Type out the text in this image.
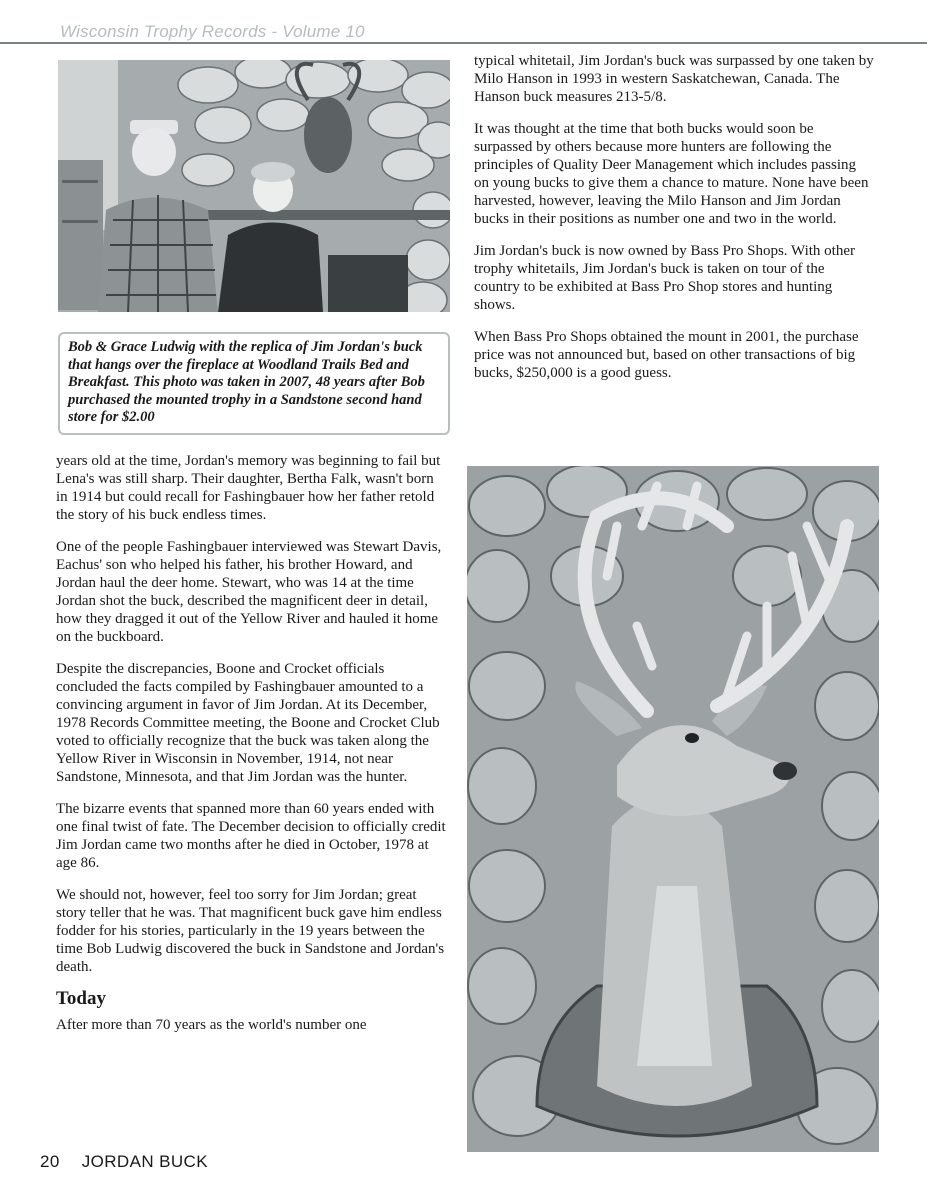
Wisconsin Trophy Records - Volume 10
Bob & Grace Ludwig with the replica of Jim Jordan's buck that hangs over the fireplace at Woodland Trails Bed and Breakfast. This photo was taken in 2007, 48 years after Bob purchased the mounted trophy in a Sandstone second hand store for $2.00

years old at the time, Jordan's memory was beginning to fail but Lena's was still sharp. Their daughter, Bertha Falk, wasn't born in 1914 but could recall for Fashingbauer how her father retold the story of his buck endless times.

One of the people Fashingbauer interviewed was Stewart Davis, Eachus' son who helped his father, his brother Howard, and Jordan haul the deer home. Stewart, who was 14 at the time Jordan shot the buck, described the magnificent deer in detail, how they dragged it out of the Yellow River and hauled it home on the buckboard.

Despite the discrepancies, Boone and Crocket officials concluded the facts compiled by Fashingbauer amounted to a convincing argument in favor of Jim Jordan. At its December, 1978 Records Committee meeting, the Boone and Crocket Club voted to officially recognize that the buck was taken along the Yellow River in Wisconsin in November, 1914, not near Sandstone, Minnesota, and that Jim Jordan was the hunter.

The bizarre events that spanned more than 60 years ended with one final twist of fate. The December decision to officially credit Jim Jordan came two months after he died in October, 1978 at age 86.

We should not, however, feel too sorry for Jim Jordan; great story teller that he was. That magnificent buck gave him endless fodder for his stories, particularly in the 19 years between the time Bob Ludwig discovered the buck in Sandstone and Jordan's death.

Today

After more than 70 years as the world's number one

typical whitetail, Jim Jordan's buck was surpassed by one taken by Milo Hanson in 1993 in western Saskatchewan, Canada. The Hanson buck measures 213-5/8.

It was thought at the time that both bucks would soon be surpassed by others because more hunters are following the principles of Quality Deer Management which includes passing on young bucks to give them a chance to mature. None have been harvested, however, leaving the Milo Hanson and Jim Jordan bucks in their positions as number one and two in the world.

Jim Jordan's buck is now owned by Bass Pro Shops. With other trophy whitetails, Jim Jordan's buck is taken on tour of the country to be exhibited at Bass Pro Shop stores and hunting shows.

When Bass Pro Shops obtained the mount in 2001, the purchase price was not announced but, based on other transactions of big bucks, $250,000 is a good guess.

20 JORDAN BUCK
